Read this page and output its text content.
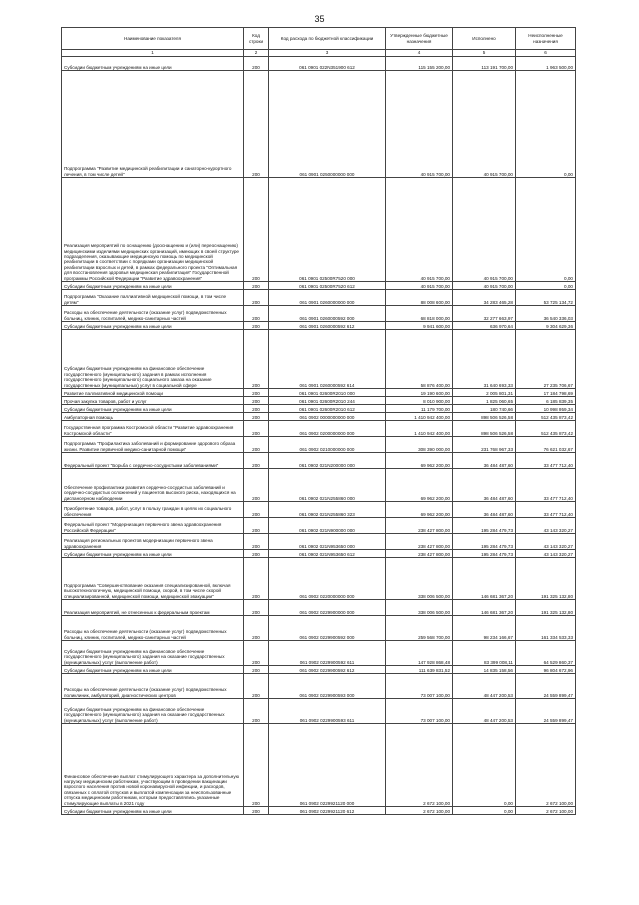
35
Наименование показателя	Код строки	Код расхода по бюджетной классификации	Утвержденные бюджетные назначения	Исполнено	Неисполненные назначения
1	2	3	4	5	6
Субсидии бюджетным учреждениям на иные цели	200	061 0901 022N351900 612	115 155 200,00	113 191 700,00	1 963 500,00
Подпрограмма "Развитие медицинской реабилитации и санаторно-курортного лечения, в том числе детей"	200	061 0901 0250000000 000	40 915 700,00	40 915 700,00	0,00
Реализация мероприятий по оснащению (дооснащению и (или) переоснащению) медицинскими изделиями медицинских организаций, имеющих в своей структуре подразделения, оказывающие медицинскую помощь по медицинской реабилитации в соответствии с порядками организации медицинской реабилитации взрослых и детей, в рамках федерального проекта "Оптимальная для восстановления здоровья медицинская реабилитация" Государственной программы Российской Федерации "Развитие здравоохранения"	200	061 0901 02500R7520 000	40 915 700,00	40 915 700,00	0,00
Субсидии бюджетным учреждениям на иные цели	200	061 0901 02500R7520 612	40 915 700,00	40 915 700,00	0,00
Подпрограмма "Оказание паллиативной медицинской помощи, в том числе детям"	200	061 0901 0260000000 000	88 008 600,00	34 283 465,28	53 725 134,72
Расходы на обеспечение деятельности (оказание услуг) подведомственных больниц, клиник, госпиталей, медико-санитарных частей	200	061 0901 0260000592 000	68 818 000,00	32 277 663,97	36 540 336,03
Субсидии бюджетным учреждениям на иные цели	200	061 0901 0260000592 612	9 941 600,00	636 970,64	9 304 629,36
Субсидии бюджетным учреждениям на финансовое обеспечение государственного (муниципального) задания в рамках исполнения государственного (муниципального) социального заказа на оказание государственных (муниципальных) услуг в социальной сфере	200	061 0901 0260000592 614	58 876 400,00	31 640 693,33	27 235 706,67
Развитие паллиативной медицинской помощи	200	061 0901 02600R2010 000	19 190 600,00	2 005 801,31	17 184 798,69
Прочая закупка товаров, работ и услуг	200	061 0901 02600R2010 244	8 010 900,00	1 825 060,65	6 185 839,35
Субсидии бюджетным учреждениям на иные цели	200	061 0901 02600R2010 612	11 179 700,00	180 740,66	10 998 959,34
Амбулаторная помощь	200	061 0902 0000000000 000	1 410 942 400,00	898 506 526,58	512 435 873,42
Государственная программа Костромской области "Развитие здравоохранения Костромской области"	200	061 0902 0200000000 000	1 410 942 400,00	898 506 526,58	512 435 873,42
Подпрограмма "Профилактика заболеваний и формирование здорового образа жизни. Развитие первичной медико-санитарной помощи"	200	061 0902 0210000000 000	308 390 000,00	231 768 967,33	76 621 032,67
Федеральный проект "Борьба с сердечно-сосудистыми заболеваниями"	200	061 0902 021N200000 000	69 962 200,00	36 484 487,60	33 477 712,40
Обеспечение профилактики развития сердечно-сосудистых заболеваний и сердечно-сосудистых осложнений у пациентов высокого риска, находящихся на диспансерном наблюдении	200	061 0902 021N255860 000	69 962 200,00	36 484 487,60	33 477 712,40
Приобретение товаров, работ, услуг в пользу граждан в целях их социального обеспечения	200	061 0902 021N255860 323	69 962 200,00	36 484 487,60	33 477 712,40
Федеральный проект "Модернизация первичного звена здравоохранения Российской Федерации"	200	061 0902 021N900000 000	238 427 800,00	195 284 479,73	43 143 320,27
Реализация региональных проектов модернизации первичного звена здравоохранения	200	061 0902 021N953650 000	238 427 800,00	195 284 479,73	43 143 320,27
Субсидии бюджетным учреждениям на иные цели	200	061 0902 021N953650 612	238 427 800,00	195 284 479,73	43 143 320,27
Подпрограмма "Совершенствование оказания специализированной, включая высокотехнологичную, медицинской помощи, скорой, в том числе скорой специализированной, медицинской помощи, медицинской эвакуации"	200	061 0902 0220000000 000	338 006 500,00	146 681 367,20	191 325 132,80
Реализация мероприятий, не отнесенных к федеральным проектам	200	061 0902 0229900000 000	338 006 500,00	146 681 367,20	191 325 132,80
Расходы на обеспечение деятельности (оказание услуг) подведомственных больниц, клиник, госпиталей, медико-санитарных частей	200	061 0902 0229900592 000	259 568 700,00	98 234 166,67	161 334 533,33
Субсидии бюджетным учреждениям на финансовое обеспечение государственного (муниципального) задания на оказание государственных (муниципальных) услуг (выполнение работ)	200	061 0902 0229900592 611	147 928 868,48	83 399 008,11	64 529 860,37
Субсидии бюджетным учреждениям на иные цели	200	061 0902 0229900592 612	111 639 831,52	14 835 158,56	96 804 672,96
Расходы на обеспечение деятельности (оказание услуг) подведомственных поликлиник, амбулаторий, диагностических центров	200	061 0902 0229900593 000	73 007 100,00	48 447 200,53	24 559 899,47
Субсидии бюджетным учреждениям на финансовое обеспечение государственного (муниципального) задания на оказание государственных (муниципальных) услуг (выполнение работ)	200	061 0902 0229900593 611	73 007 100,00	48 447 200,53	24 559 899,47
Финансовое обеспечение выплат стимулирующего характера за дополнительную нагрузку медицинским работникам, участвующим в проведении вакцинации взрослого населения против новой коронавирусной инфекции, и расходов, связанных с оплатой отпусков и выплатой компенсации за неиспользованные отпуска медицинским работникам, которым предоставлялись указанные стимулирующие выплаты в 2021 году	200	061 0902 0229921120 000	2 672 100,00	0,00	2 672 100,00
Субсидии бюджетным учреждениям на иные цели	200	061 0902 0229921120 612	2 672 100,00	0,00	2 672 100,00
